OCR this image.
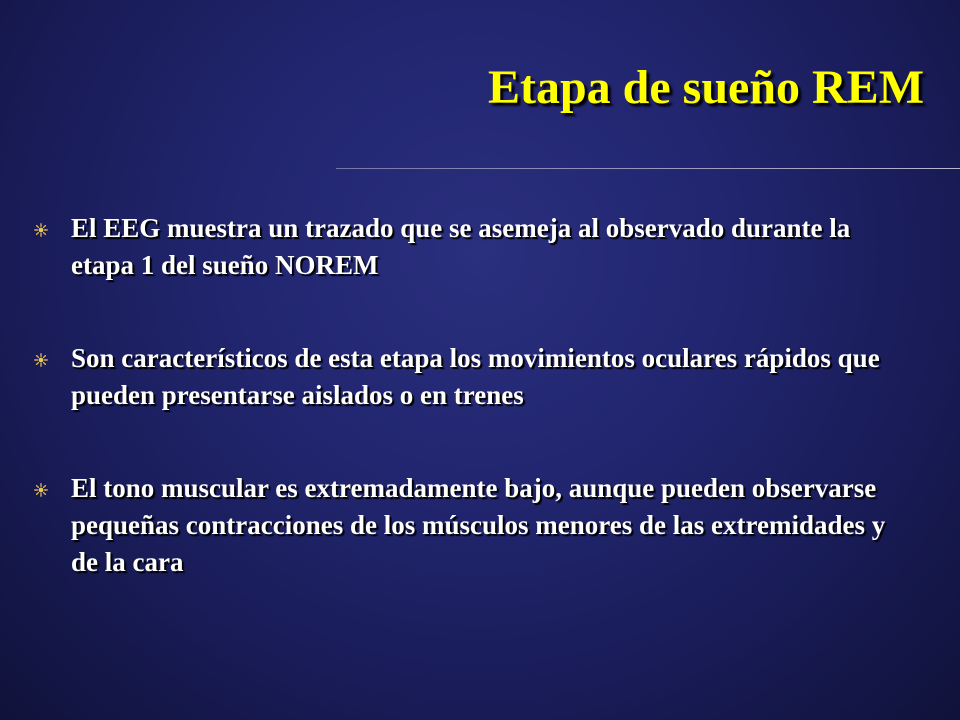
Etapa de sueño REM
El EEG muestra un trazado que se asemeja al observado durante la etapa 1 del sueño NOREM
Son característicos de esta etapa los movimientos oculares rápidos que pueden presentarse aislados o en trenes
El tono muscular es extremadamente bajo, aunque pueden observarse pequeñas contracciones de los músculos menores de las extremidades y de la cara
